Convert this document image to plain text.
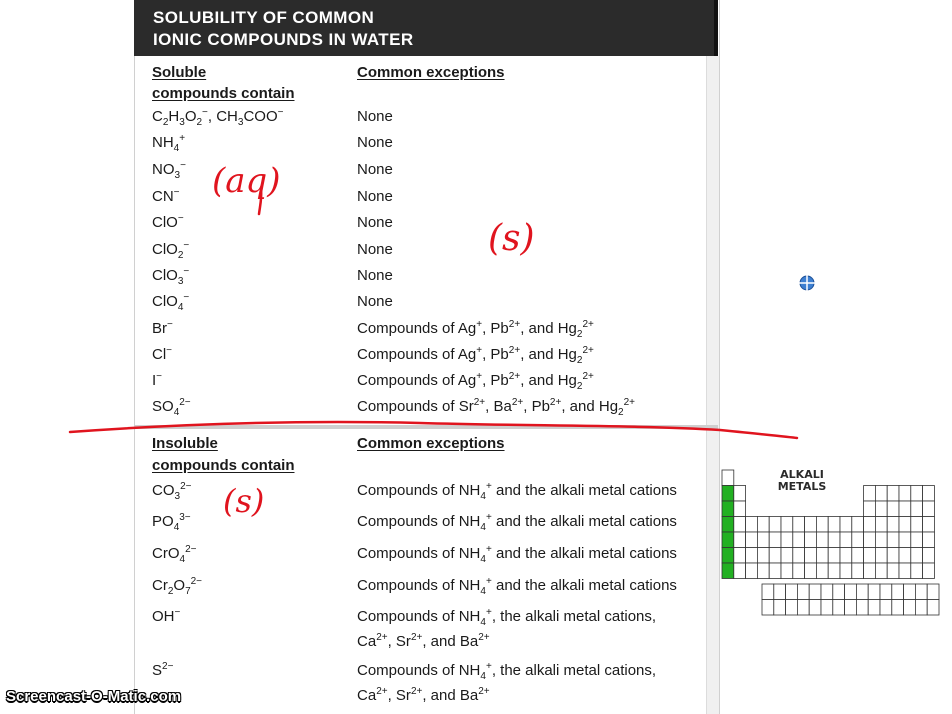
SOLUBILITY OF COMMON
IONIC COMPOUNDS IN WATER
Soluble
compounds contain
Common exceptions
$C_2H_3O_2^-$, $CH_3COO^-$	None
$NH_4^+$	None
$NO_3^-$	None
CN−	None
ClO−	None
ClO$_2$−	None
ClO$_3$−	None
ClO$_4$−	None
Br−	Compounds of Ag+, $Pb^{2+}$, and $Hg_2^{2+}$
Cl−	Compounds of Ag+, $Pb^{2+}$, and $Hg_2^{2+}$
I−	Compounds of Ag+, $Pb^{2+}$, and $Hg_2^{2+}$
$SO_4^{2-}$	Compounds of $Sr^{2+}$, $Ba^{2+}$, $Pb^{2+}$, and $Hg_2^{2+}$
Insoluble
compounds contain
Common exceptions
$CO_3^{2-}$	Compounds of $NH_4^+$ and the alkali metal cations
$PO_4^{3-}$	Compounds of $NH_4^+$ and the alkali metal cations
CrO$_4^{2-}$	Compounds of $NH_4^+$ and the alkali metal cations
$Cr_2O_7^{2-}$	Compounds of $NH_4^+$ and the alkali metal cations
OH−	Compounds of $NH_4^+$, the alkali metal cations,
$Ca^{2+}$, $Sr^{2+}$, and $Ba^{2+}$
$S^{2-}$	Compounds of $NH_4^+$, the alkali metal cations,
$Ca^{2+}$, $Sr^{2+}$, and $Ba^{2+}$
ALKALI
METALS
(aq)
(s)
(s)
Screencast-O-Matic.com
